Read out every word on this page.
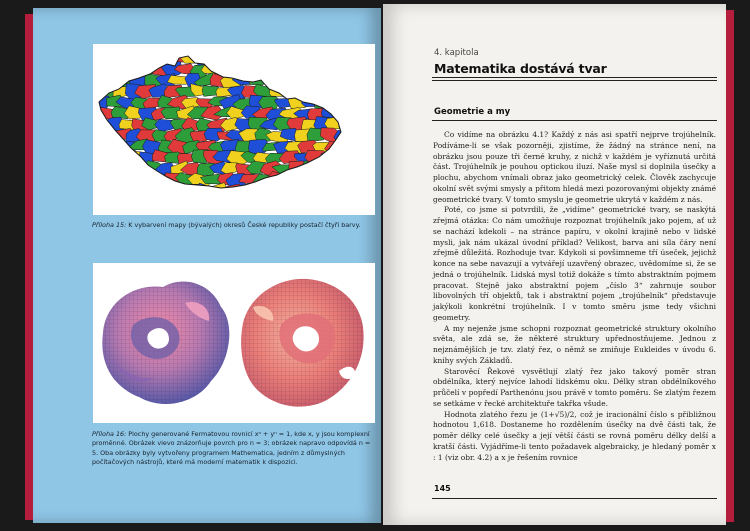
Příloha 15: K vybarvení mapy (bývalých) okresů České republiky postačí čtyři barvy.
Příloha 16: Plochy generované Fermatovou rovnicí xⁿ + yⁿ = 1, kde x, y jsou komplexní proměnné. Obrázek vlevo znázorňuje povrch pro n = 3; obrázek napravo odpovídá n = 5. Oba obrázky byly vytvořeny programem Mathematica, jedním z důmyslných počítačových nástrojů, které má moderní matematik k dispozici.
4. kapitola
Matematika dostává tvar
Geometrie a my

Co vidíme na obrázku 4.1? Každý z nás asi spatří nejprve trojúhelník. Podíváme-li se však pozorněji, zjistíme, že žádný na stránce není, na obrázku jsou pouze tři černé kruhy, z nichž v každém je vyříznutá určitá část. Trojúhelník je pouhou optickou iluzí. Naše mysl si doplnila úsečky a plochu, abychom vnímali obraz jako geometrický celek. Člověk zachycuje okolní svět svými smysly a přitom hledá mezi pozorovanými objekty známé geometrické tvary. V tomto smyslu je geometrie ukrytá v každém z nás.

Poté, co jsme si potvrdili, že „vidíme“ geometrické tvary, se naskýtá zřejmá otázka: Co nám umožňuje rozpoznat trojúhelník jako pojem, ať už se nachází kdekoli – na stránce papíru, v okolní krajině nebo v lidské mysli, jak nám ukázal úvodní příklad? Velikost, barva ani síla čáry není zřejmě důležitá. Rozhoduje tvar. Kdykoli si povšimneme tří úseček, jejichž konce na sebe navazují a vytvářejí uzavřený obrazec, uvědomíme si, že se jedná o trojúhelník. Lidská mysl totiž dokáže s tímto abstraktním pojmem pracovat. Stejně jako abstraktní pojem „číslo 3“ zahrnuje soubor libovolných tří objektů, tak i abstraktní pojem „trojúhelník“ představuje jakýkoli konkrétní trojúhelník. I v tomto směru jsme tedy všichni geometry.

A my nejenže jsme schopni rozpoznat geometrické struktury okolního světa, ale zdá se, že některé struktury upřednostňujeme. Jednou z nejznámějších je tzv. zlatý řez, o němž se zmiňuje Eukleides v úvodu 6. knihy svých Základů.

Starověcí Řekové vysvětlují zlatý řez jako takový poměr stran obdélníka, který nejvíce lahodí lidskému oku. Délky stran obdélníkového průčelí v popředí Parthenónu jsou právě v tomto poměru. Se zlatým řezem se setkáme v řecké architektuře takřka všude.

Hodnota zlatého řezu je (1+√5)/2, což je iracionální číslo s přibližnou hodnotou 1,618. Dostaneme ho rozdělením úsečky na dvě části tak, že poměr délky celé úsečky a její větší části se rovná poměru délky delší a kratší části. Vyjádříme-li tento požadavek algebraicky, je hledaný poměr x : 1 (viz obr. 4.2) a x je řešením rovnice

145
